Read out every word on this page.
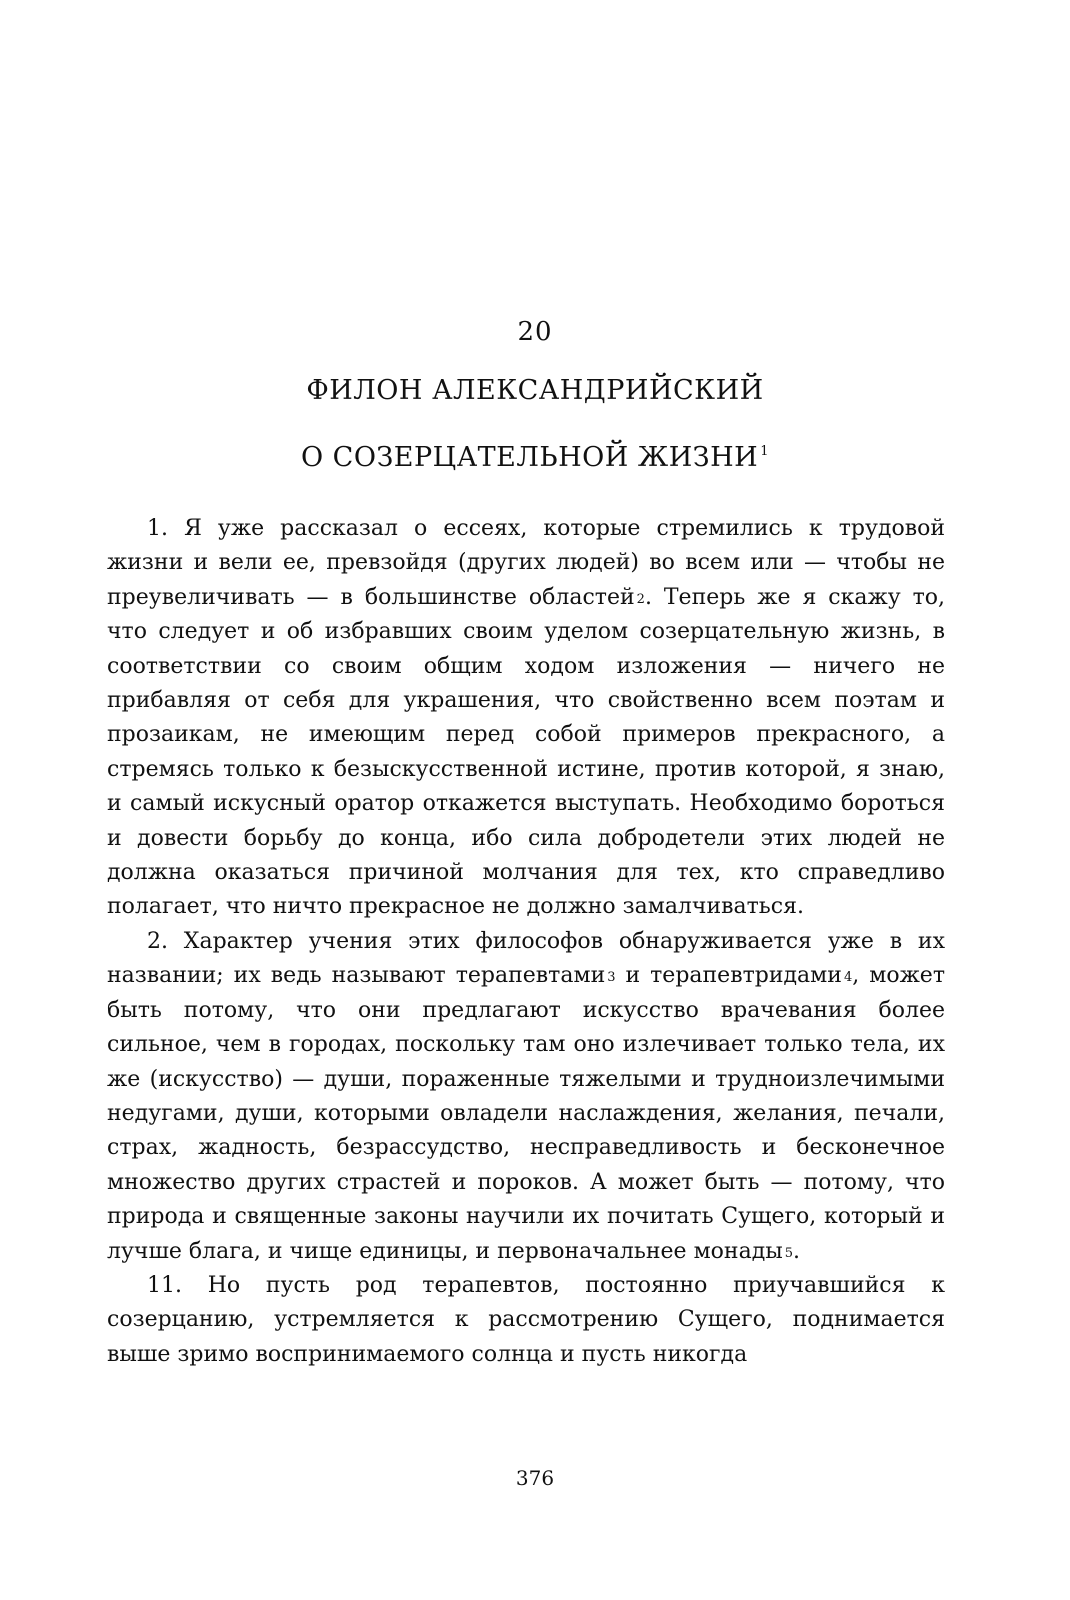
20
ФИЛОН АЛЕКСАНДРИЙСКИЙ
О СОЗЕРЦАТЕЛЬНОЙ ЖИЗНИ $^1$

1. Я уже рассказал о ессеях, которые стремились к трудовой жизни и вели ее, превзойдя (других людей) во всем или — чтобы не преувеличивать — в большинстве областей $^2$. Теперь же я скажу то, что следует и об избравших своим уделом созерцательную жизнь, в соответствии со своим общим ходом изложения — ничего не прибавляя от себя для украшения, что свойственно всем поэтам и прозаикам, не имеющим перед собой примеров прекрасного, а стремясь только к безыскусственной истине, против которой, я знаю, и самый искусный оратор откажется выступать. Необходимо бороться и довести борьбу до конца, ибо сила добродетели этих людей не должна оказаться причиной молчания для тех, кто справедливо полагает, что ничто прекрасное не должно замалчиваться.

2. Характер учения этих философов обнаруживается уже в их названии; их ведь называют терапевтами $^3$ и терапевтридами $^4$, может быть потому, что они предлагают искусство врачевания более сильное, чем в городах, поскольку там оно излечивает только тела, их же (искусство) — души, пораженные тяжелыми и трудноизлечимыми недугами, души, которыми овладели наслаждения, желания, печали, страх, жадность, безрассудство, несправедливость и бесконечное множество других страстей и пороков. А может быть — потому, что природа и священные законы научили их почитать Сущего, который и лучше блага, и чище единицы, и первоначальнее монады $^5$.

11. Но пусть род терапевтов, постоянно приучавшийся к созерцанию, устремляется к рассмотрению Сущего, поднимается выше зримо воспринимаемого солнца и пусть никогда

376
